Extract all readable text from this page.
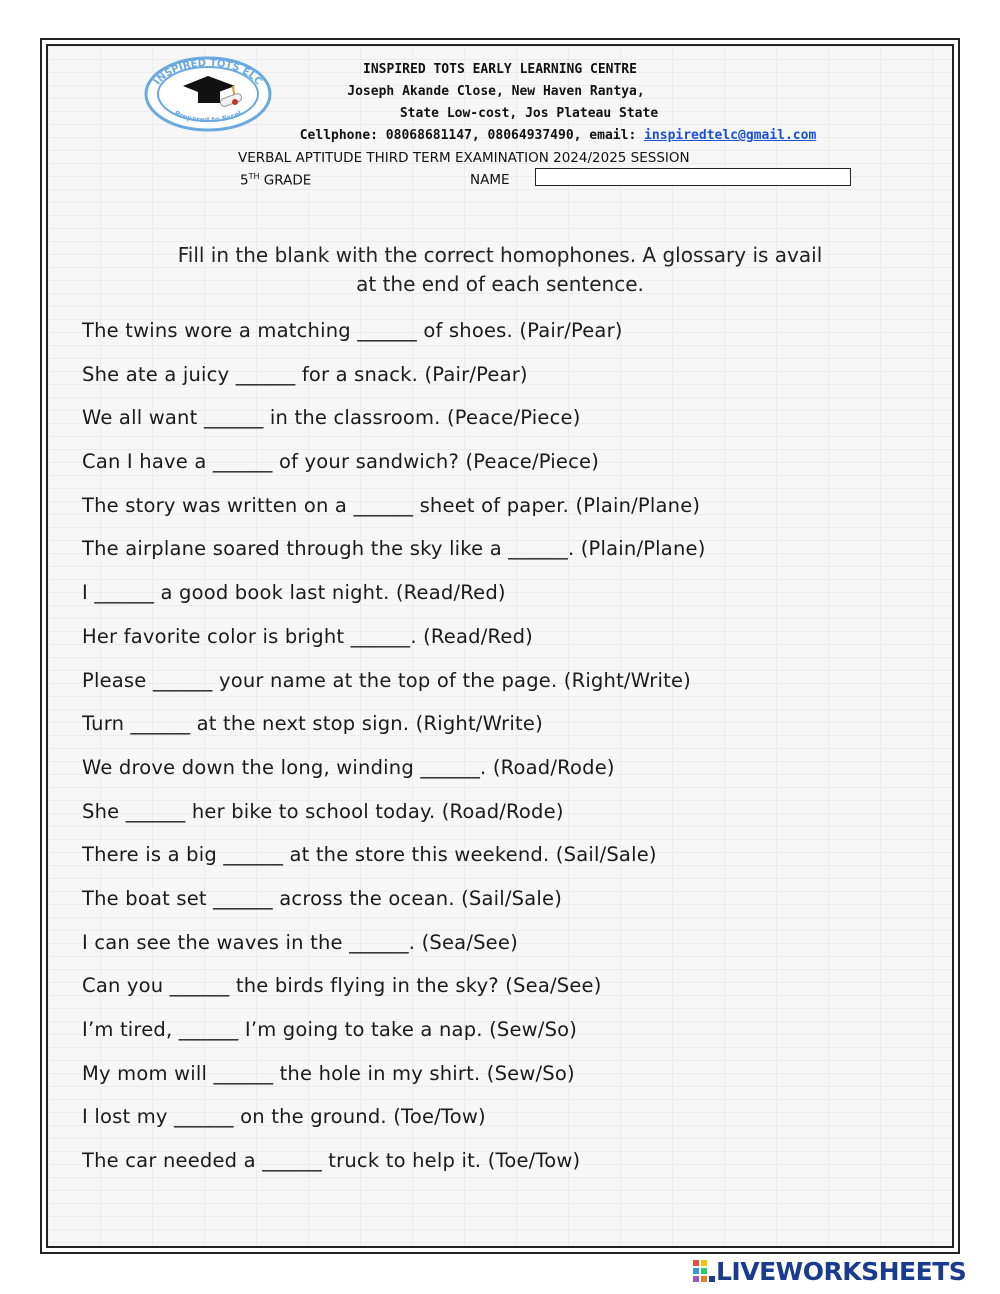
INSPIRED TOTS ELC
Prepared to Excel
INSPIRED TOTS EARLY LEARNING CENTRE
Joseph Akande Close, New Haven Rantya,
State Low-cost, Jos Plateau State
Cellphone: 08068681147, 08064937490, email: inspiredtelc@gmail.com
VERBAL APTITUDE THIRD TERM EXAMINATION 2024/2025 SESSION
5TH GRADE	NAME
Fill in the blank with the correct homophones. A glossary is avail
at the end of each sentence.
The twins wore a matching ______ of shoes. (Pair/Pear)
She ate a juicy ______ for a snack. (Pair/Pear)
We all want ______ in the classroom. (Peace/Piece)
Can I have a ______ of your sandwich? (Peace/Piece)
The story was written on a ______ sheet of paper. (Plain/Plane)
The airplane soared through the sky like a ______. (Plain/Plane)
I ______ a good book last night. (Read/Red)
Her favorite color is bright ______. (Read/Red)
Please ______ your name at the top of the page. (Right/Write)
Turn ______ at the next stop sign. (Right/Write)
We drove down the long, winding ______. (Road/Rode)
She ______ her bike to school today. (Road/Rode)
There is a big ______ at the store this weekend. (Sail/Sale)
The boat set ______ across the ocean. (Sail/Sale)
I can see the waves in the ______. (Sea/See)
Can you ______ the birds flying in the sky? (Sea/See)
I’m tired, ______ I’m going to take a nap. (Sew/So)
My mom will ______ the hole in my shirt. (Sew/So)
I lost my ______ on the ground. (Toe/Tow)
The car needed a ______ truck to help it. (Toe/Tow)
LIVEWORKSHEETS
